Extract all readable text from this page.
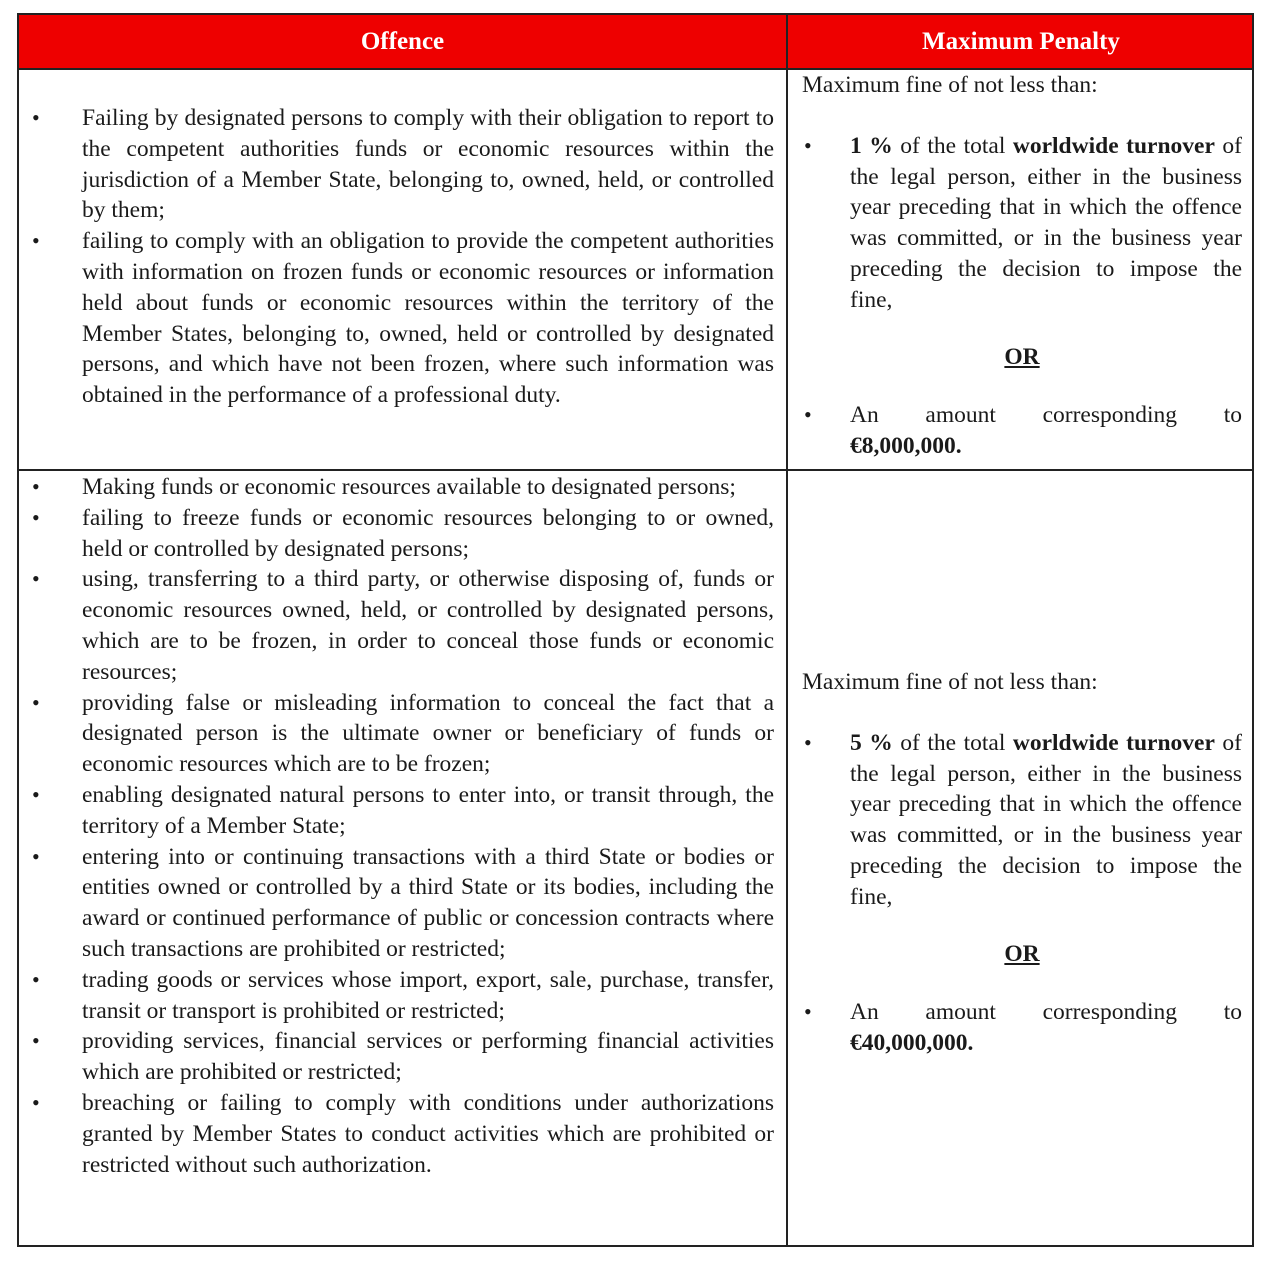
Offence	Maximum Penalty
• Failing by designated persons to comply with their obligation to report to the competent authorities funds or economic resources within the jurisdiction of a Member State, belonging to, owned, held, or controlled by them;
• failing to comply with an obligation to provide the competent authorities with information on frozen funds or economic resources or information held about funds or economic resources within the territory of the Member States, belonging to, owned, held or controlled by designated persons, and which have not been frozen, where such information was obtained in the performance of a professional duty.
Maximum fine of not less than:
• 1 % of the total worldwide turnover of the legal person, either in the business year preceding that in which the offence was committed, or in the business year preceding the decision to impose the fine,
OR
• An amount corresponding to
€8,000,000.
• Making funds or economic resources available to designated persons;
• failing to freeze funds or economic resources belonging to or owned, held or controlled by designated persons;
• using, transferring to a third party, or otherwise disposing of, funds or economic resources owned, held, or controlled by designated persons, which are to be frozen, in order to conceal those funds or economic resources;
• providing false or misleading information to conceal the fact that a designated person is the ultimate owner or beneficiary of funds or economic resources which are to be frozen;
• enabling designated natural persons to enter into, or transit through, the territory of a Member State;
• entering into or continuing transactions with a third State or bodies or entities owned or controlled by a third State or its bodies, including the award or continued performance of public or concession contracts where such transactions are prohibited or restricted;
• trading goods or services whose import, export, sale, purchase, transfer, transit or transport is prohibited or restricted;
• providing services, financial services or performing financial activities which are prohibited or restricted;
• breaching or failing to comply with conditions under authorizations granted by Member States to conduct activities which are prohibited or restricted without such authorization.
Maximum fine of not less than:
• 5 % of the total worldwide turnover of the legal person, either in the business year preceding that in which the offence was committed, or in the business year preceding the decision to impose the fine,
OR
• An amount corresponding to
€40,000,000.
